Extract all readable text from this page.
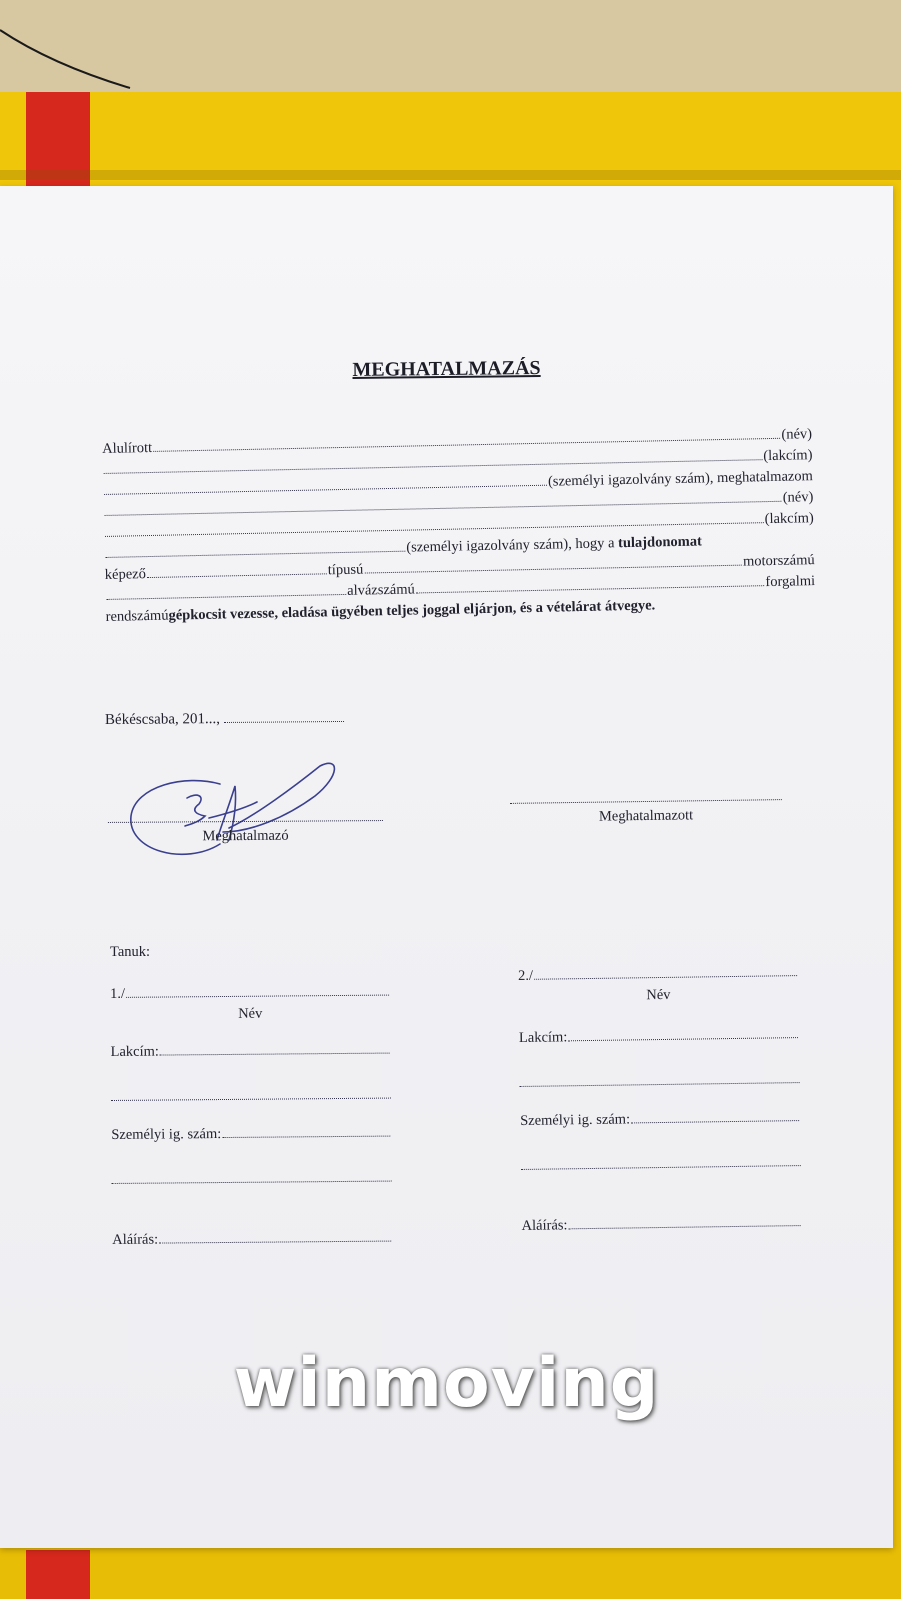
MEGHATALMAZÁS
Alulírott
(név)
(lakcím)
(személyi igazolvány szám), meghatalmazom
(név)
(lakcím)
(személyi igazolvány szám), hogy a
tulajdonomat
képező	típusú
motorszámú
alvázszámú	forgalmi
rendszámú gépkocsit vezesse, eladása ügyében teljes joggal eljárjon, és a vételárat átvegye.
Békéscsaba, 201...,
Meghatalmazó
Meghatalmazott
Tanuk:
1./
Név
Lakcím:
Személyi ig. szám:
Aláírás:
2./
Név
Lakcím:
Személyi ig. szám:
Aláírás:
winmoving
